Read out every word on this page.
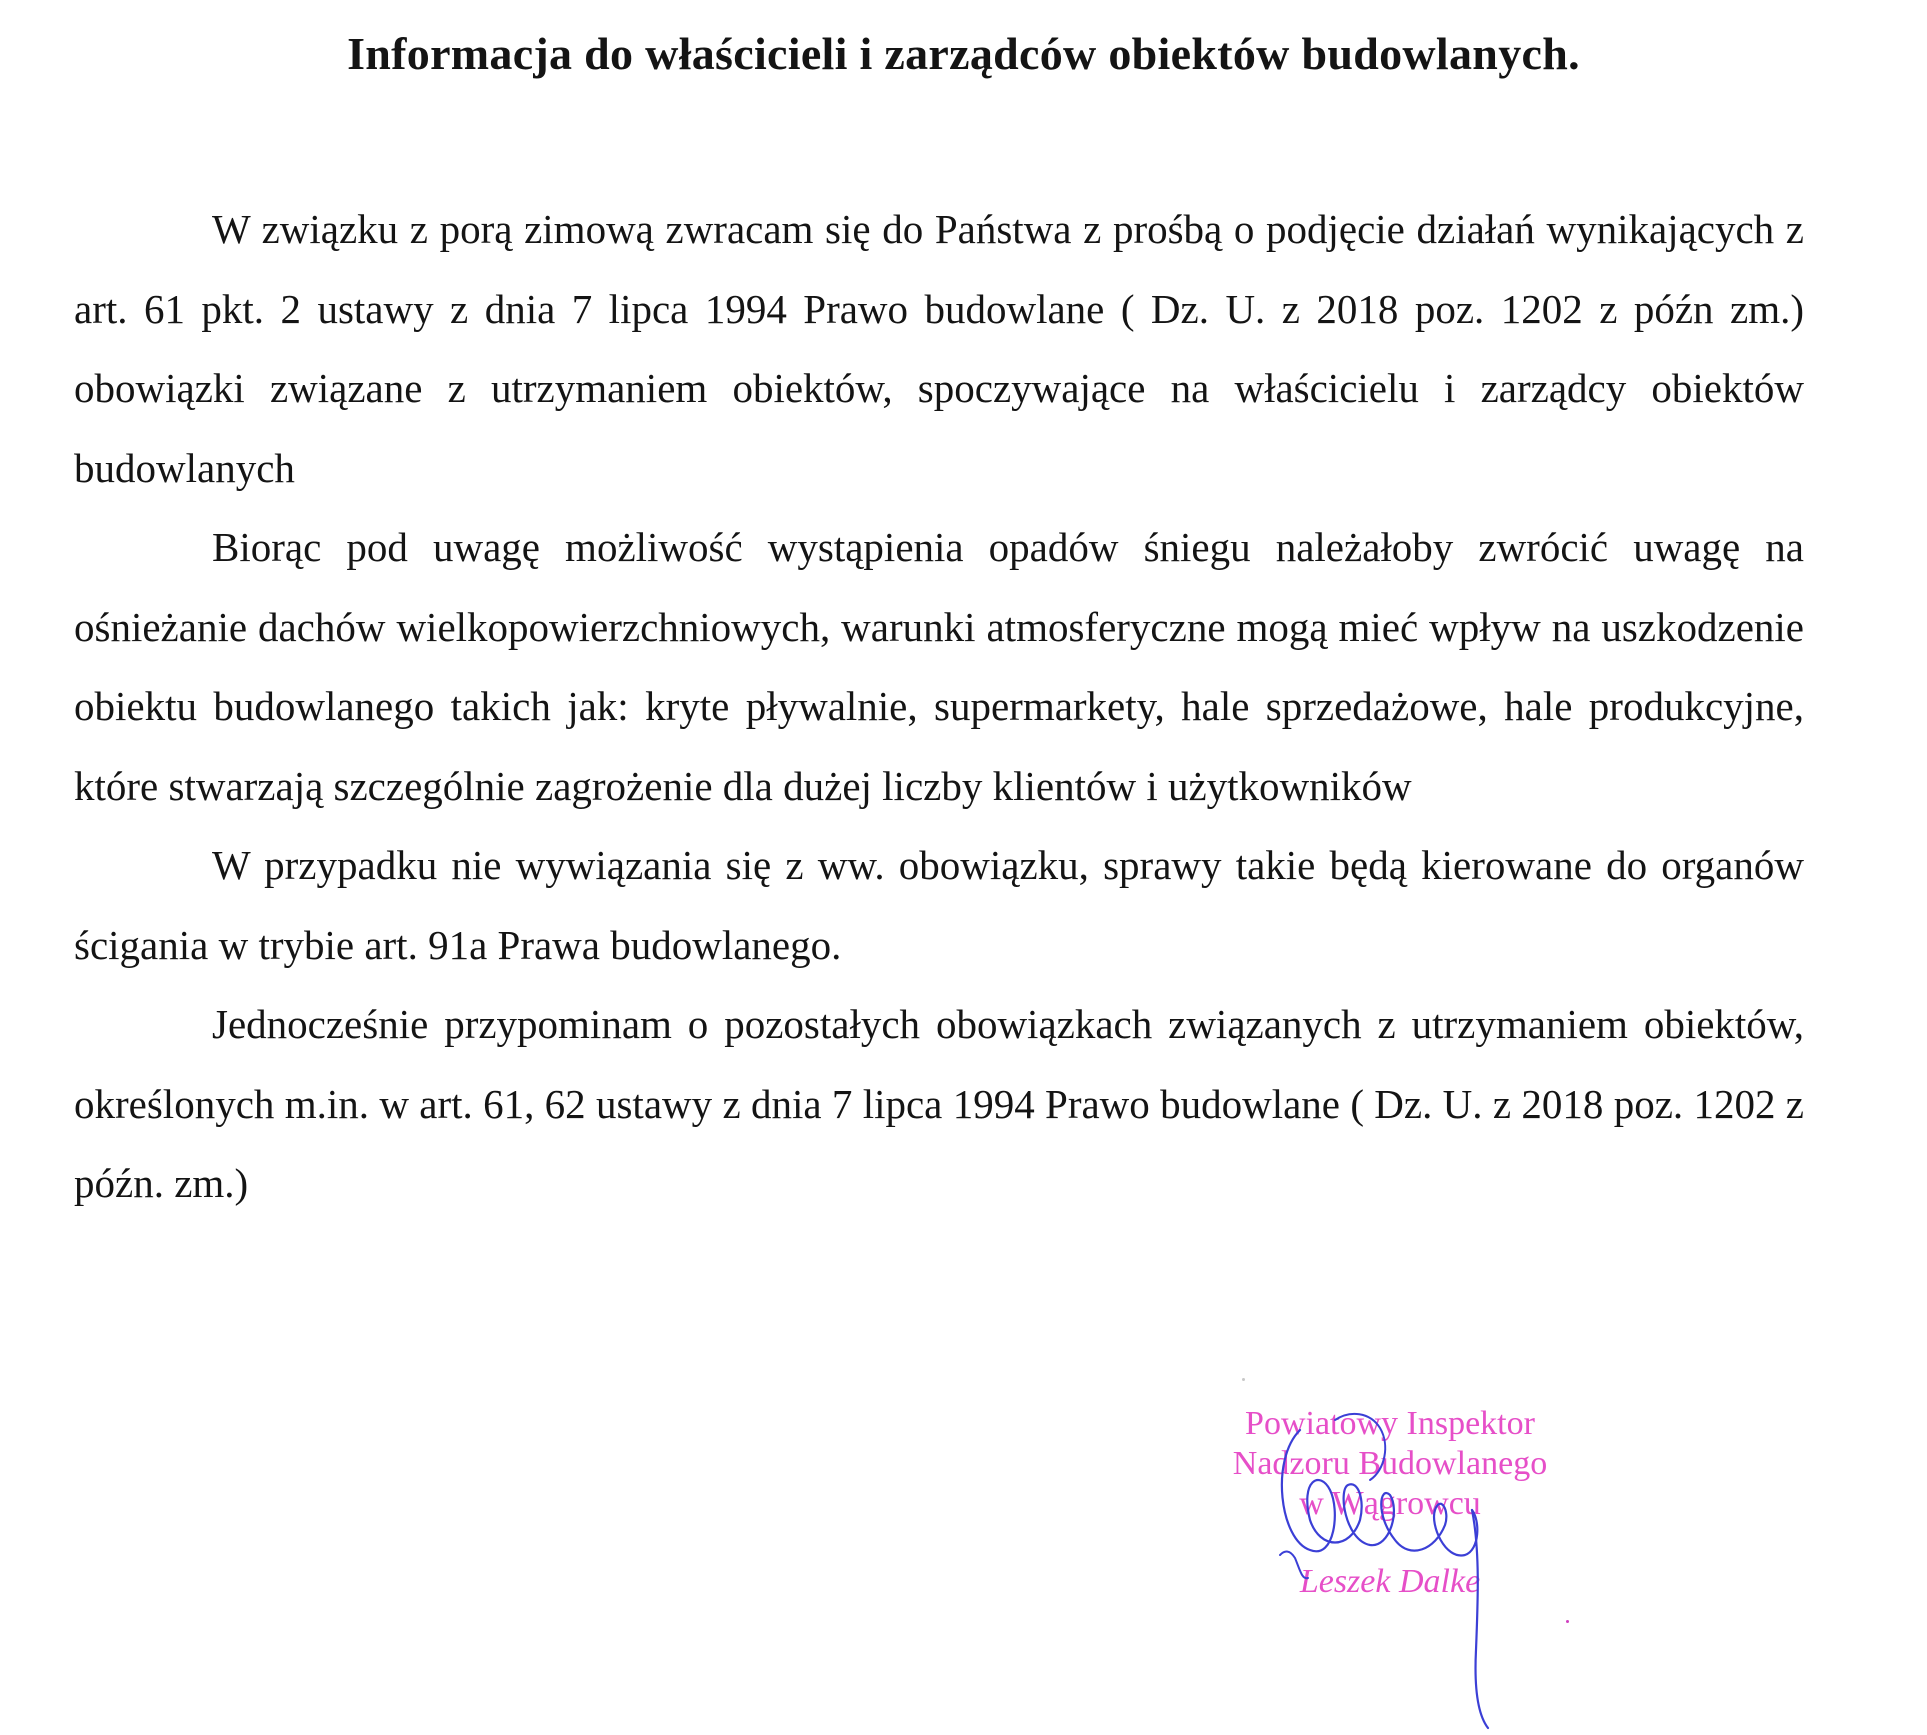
Informacja do właścicieli i zarządców obiektów budowlanych.

W związku z porą zimową zwracam się do Państwa z prośbą o podjęcie działań wynikających z art. 61 pkt. 2 ustawy z dnia 7 lipca 1994 Prawo budowlane ( Dz. U. z 2018 poz. 1202 z późn zm.) obowiązki związane z utrzymaniem obiektów, spoczywające na właścicielu i zarządcy obiektów budowlanych

Biorąc pod uwagę możliwość wystąpienia opadów śniegu należałoby zwrócić uwagę na ośnieżanie dachów wielkopowierzchniowych, warunki atmosferyczne mogą mieć wpływ na uszkodzenie obiektu budowlanego takich jak: kryte pływalnie, supermarkety, hale sprzedażowe, hale produkcyjne, które stwarzają szczególnie zagrożenie dla dużej liczby klientów i użytkowników

W przypadku nie wywiązania się z ww. obowiązku, sprawy takie będą kierowane do organów ścigania w trybie art. 91a Prawa budowlanego.

Jednocześnie przypominam o pozostałych obowiązkach związanych z utrzymaniem obiektów, określonych m.in. w art. 61, 62 ustawy z dnia 7 lipca 1994 Prawo budowlane ( Dz. U. z 2018 poz. 1202 z późn. zm.)

Powiatowy Inspektor
Nadzoru Budowlanego
w Wągrowcu
Leszek Dalke
